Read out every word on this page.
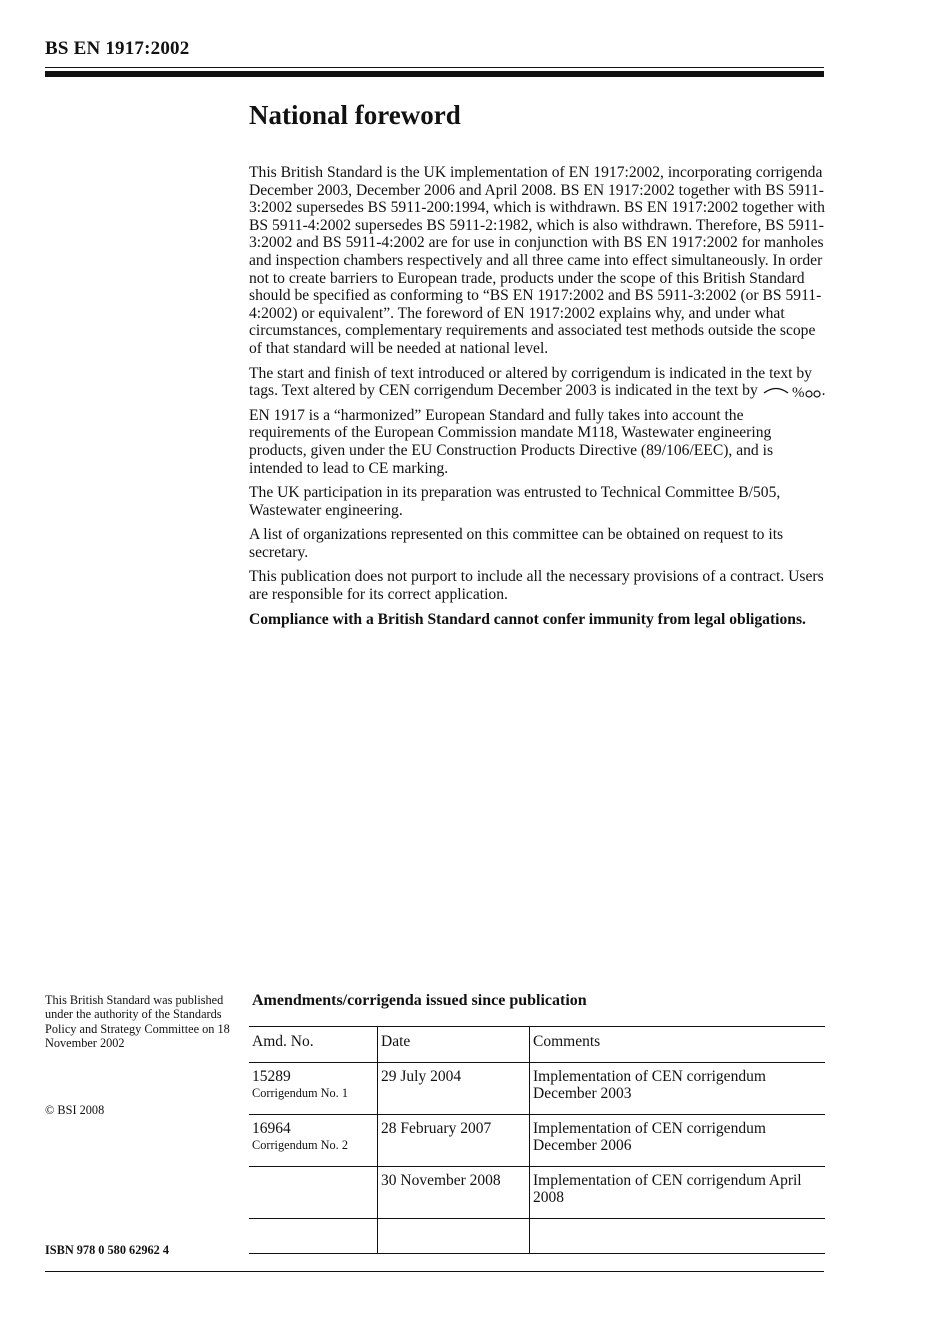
BS EN 1917:2002
National foreword

This British Standard is the UK implementation of EN 1917:2002, incorporating corrigenda December 2003, December 2006 and April 2008. BS EN 1917:2002 together with BS 5911-3:2002 supersedes BS 5911-200:1994, which is withdrawn. BS EN 1917:2002 together with BS 5911-4:2002 supersedes BS 5911-2:1982, which is also withdrawn. Therefore, BS 5911-3:2002 and BS 5911-4:2002 are for use in conjunction with BS EN 1917:2002 for manholes and inspection chambers respectively and all three came into effect simultaneously. In order not to create barriers to European trade, products under the scope of this British Standard should be specified as conforming to “BS EN 1917:2002 and BS 5911-3:2002 (or BS 5911-4:2002) or equivalent”. The foreword of EN 1917:2002 explains why, and under what circumstances, complementary requirements and associated test methods outside the scope of that standard will be needed at national level.

The start and finish of text introduced or altered by corrigendum is indicated in the text by tags. Text altered by CEN corrigendum December 2003 is indicated in the text by % .

EN 1917 is a “harmonized” European Standard and fully takes into account the requirements of the European Commission mandate M118, Wastewater engineering products, given under the EU Construction Products Directive (89/106/EEC), and is intended to lead to CE marking.

The UK participation in its preparation was entrusted to Technical Committee B/505, Wastewater engineering.

A list of organizations represented on this committee can be obtained on request to its secretary.

This publication does not purport to include all the necessary provisions of a contract. Users are responsible for its correct application.

Compliance with a British Standard cannot confer immunity from legal obligations.

This British Standard was published under the authority of the Standards Policy and Strategy Committee on 18 November 2002
© BSI 2008
ISBN 978 0 580 62962 4
Amendments/corrigenda issued since publication
Amd. No.	Date	Comments
15289
Corrigendum No. 1	29 July 2004	Implementation of CEN corrigendum December 2003
16964
Corrigendum No. 2	28 February 2007	Implementation of CEN corrigendum December 2006

	30 November 2008	Implementation of CEN corrigendum April 2008
